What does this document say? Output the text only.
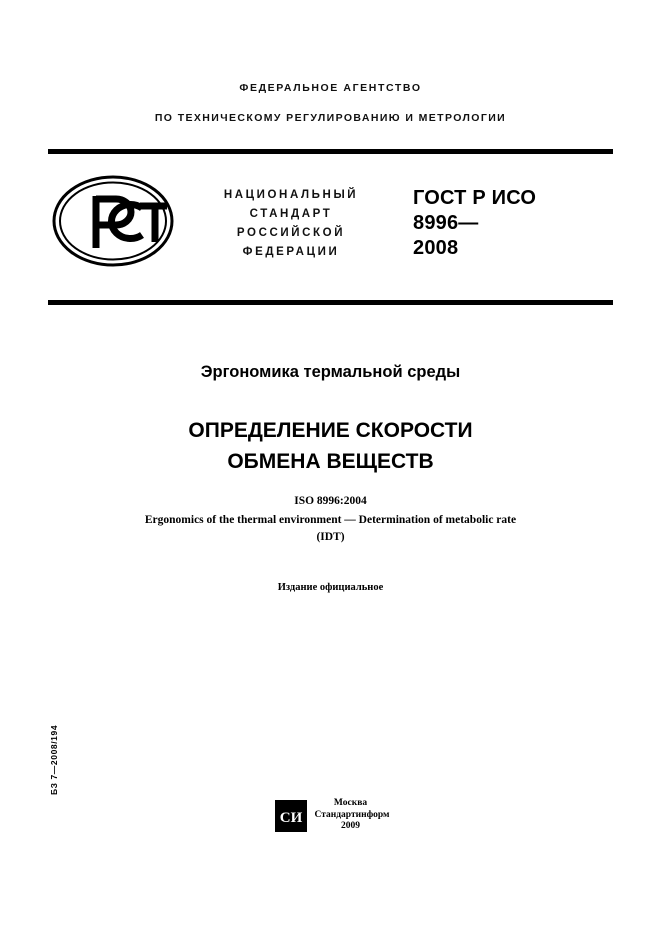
ФЕДЕРАЛЬНОЕ АГЕНТСТВО
ПО ТЕХНИЧЕСКОМУ РЕГУЛИРОВАНИЮ И МЕТРОЛОГИИ
НАЦИОНАЛЬНЫЙ
СТАНДАРТ
РОССИЙСКОЙ
ФЕДЕРАЦИИ
ГОСТ Р ИСО
8996—
2008
Эргономика термальной среды
ОПРЕДЕЛЕНИЕ СКОРОСТИ
ОБМЕНА ВЕЩЕСТВ
ISO 8996:2004
Ergonomics of the thermal environment — Determination of metabolic rate
(IDT)
Издание официальное
БЗ 7—2008/194
СИ
Москва
Стандартинформ
2009
